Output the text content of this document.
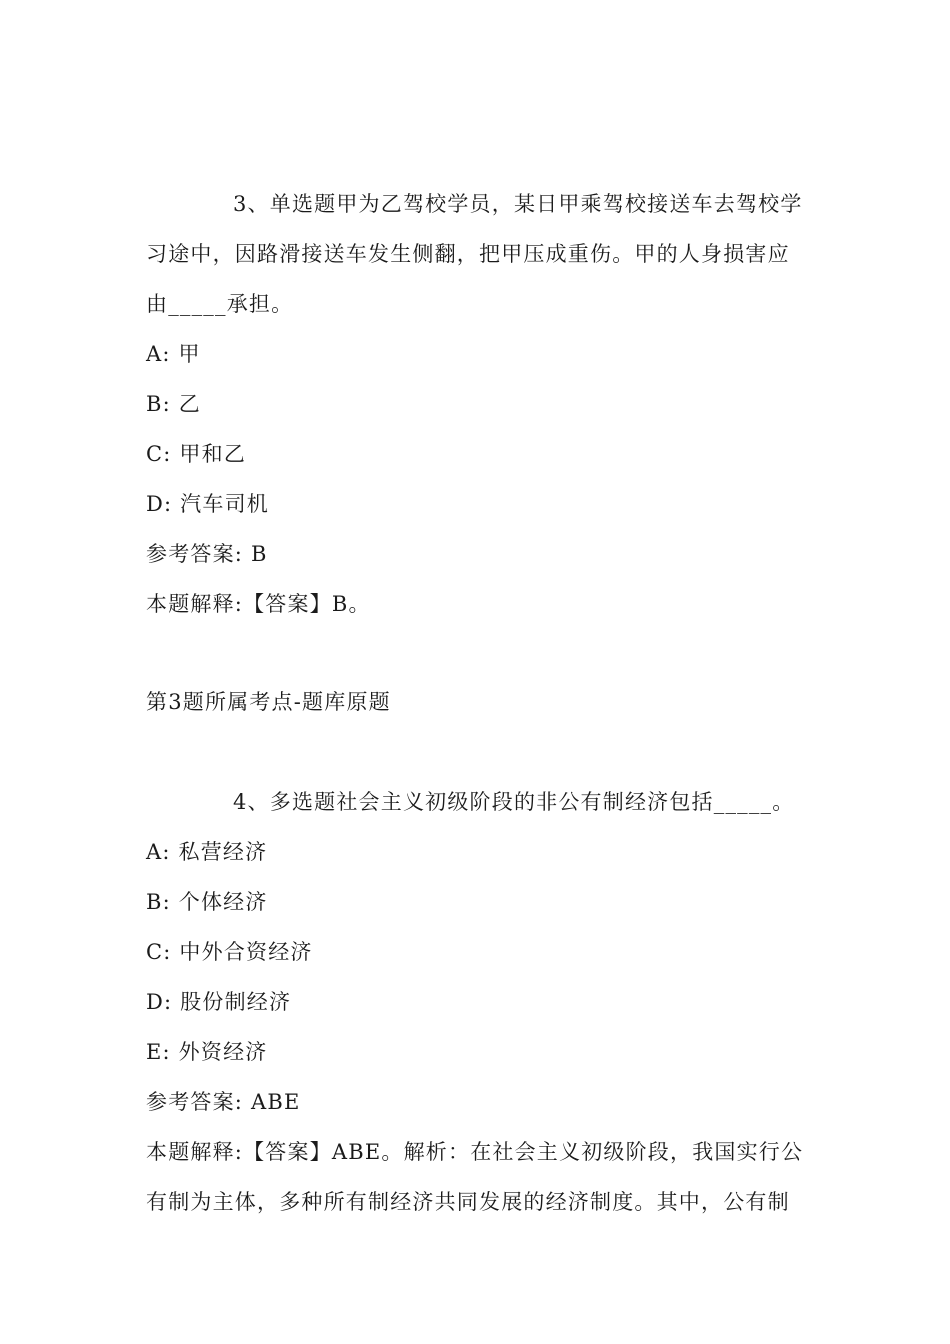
3、单选题甲为乙驾校学员，某日甲乘驾校接送车去驾校学
习途中，因路滑接送车发生侧翻，把甲压成重伤。甲的人身损害应
由_____承担。
A: 甲
B: 乙
C: 甲和乙
D: 汽车司机
参考答案: B
本题解释:【答案】B。
第3题所属考点-题库原题
4、多选题社会主义初级阶段的非公有制经济包括_____。
A: 私营经济
B: 个体经济
C: 中外合资经济
D: 股份制经济
E: 外资经济
参考答案: ABE
本题解释:【答案】ABE。解析：在社会主义初级阶段，我国实行公
有制为主体，多种所有制经济共同发展的经济制度。其中，公有制
